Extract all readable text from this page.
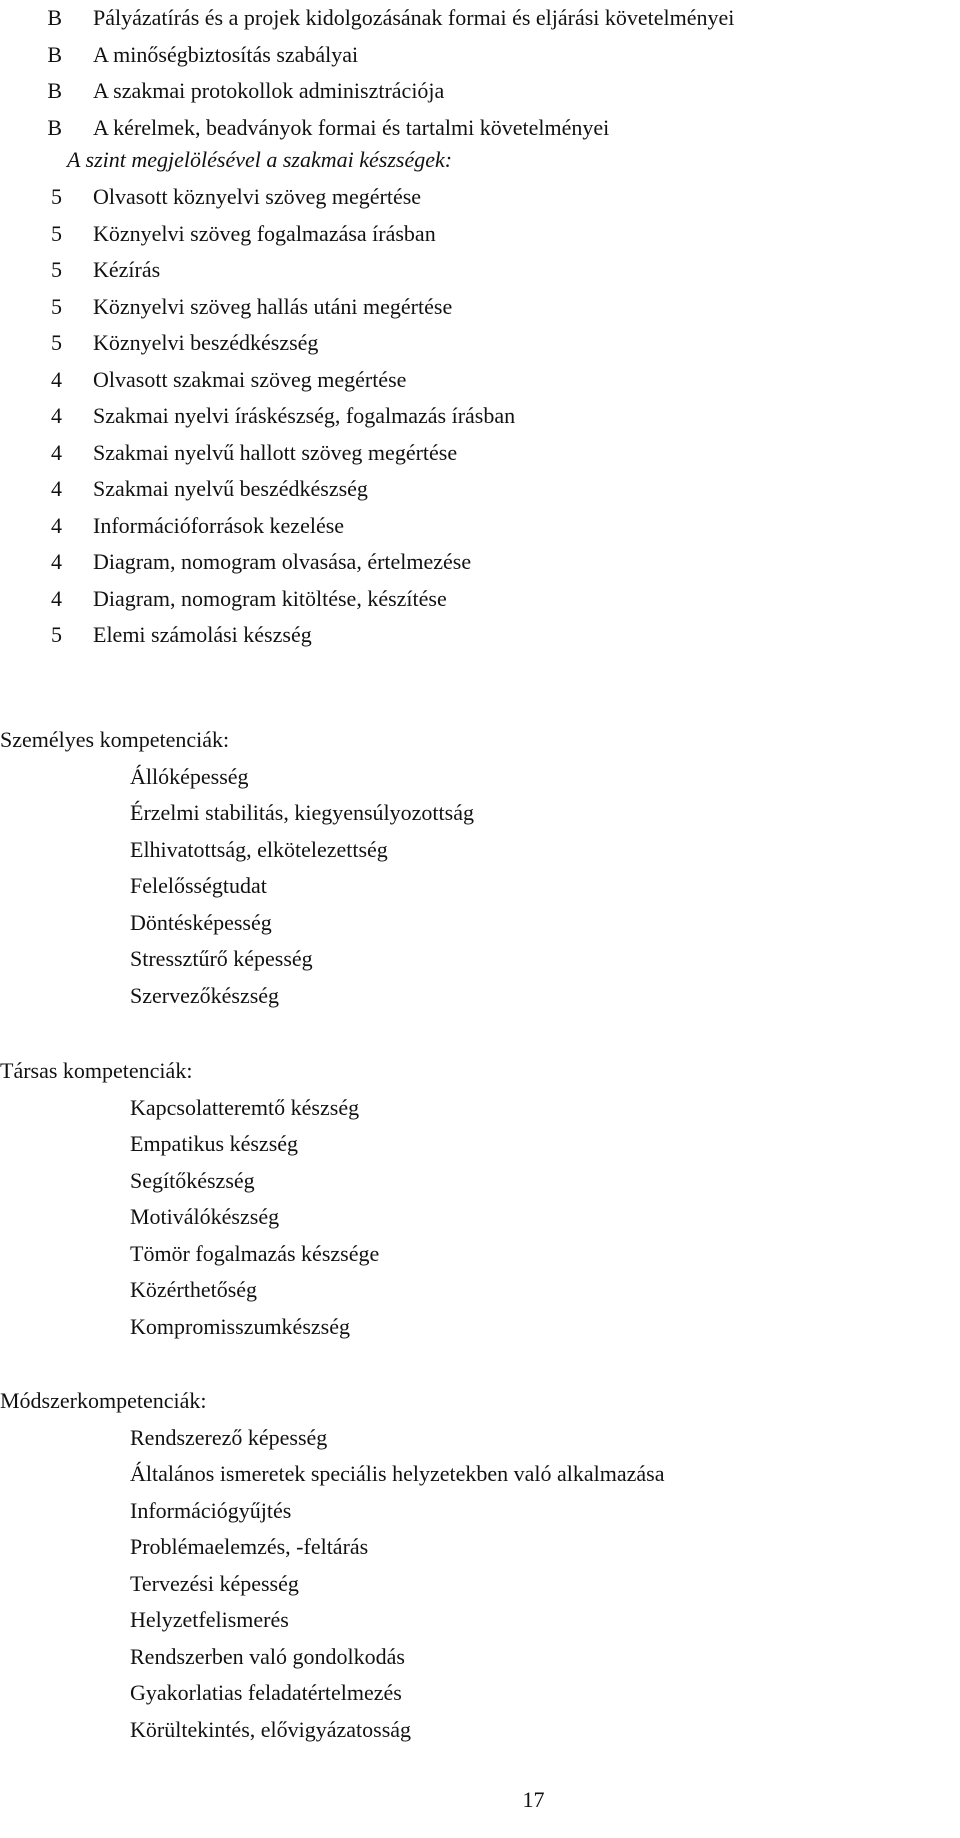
B Pályázatírás és a projek kidolgozásának formai és eljárási követelményei
B A minőségbiztosítás szabályai
B A szakmai protokollok adminisztrációja
B A kérelmek, beadványok formai és tartalmi követelményei
A szint megjelölésével a szakmai készségek:
5 Olvasott köznyelvi szöveg megértése
5 Köznyelvi szöveg fogalmazása írásban
5 Kézírás
5 Köznyelvi szöveg hallás utáni megértése
5 Köznyelvi beszédkészség
4 Olvasott szakmai szöveg megértése
4 Szakmai nyelvi íráskészség, fogalmazás írásban
4 Szakmai nyelvű hallott szöveg megértése
4 Szakmai nyelvű beszédkészség
4 Információforrások kezelése
4 Diagram, nomogram olvasása, értelmezése
4 Diagram, nomogram kitöltése, készítése
5 Elemi számolási készség
Személyes kompetenciák:
Állóképesség
Érzelmi stabilitás, kiegyensúlyozottság
Elhivatottság, elkötelezettség
Felelősségtudat
Döntésképesség
Stressztűrő képesség
Szervezőkészség
Társas kompetenciák:
Kapcsolatteremtő készség
Empatikus készség
Segítőkészség
Motiválókészség
Tömör fogalmazás készsége
Közérthetőség
Kompromisszumkészség
Módszerkompetenciák:
Rendszerező képesség
Általános ismeretek speciális helyzetekben való alkalmazása
Információgyűjtés
Problémaelemzés, -feltárás
Tervezési képesség
Helyzetfelismerés
Rendszerben való gondolkodás
Gyakorlatias feladatértelmezés
Körültekintés, elővigyázatosság
17
